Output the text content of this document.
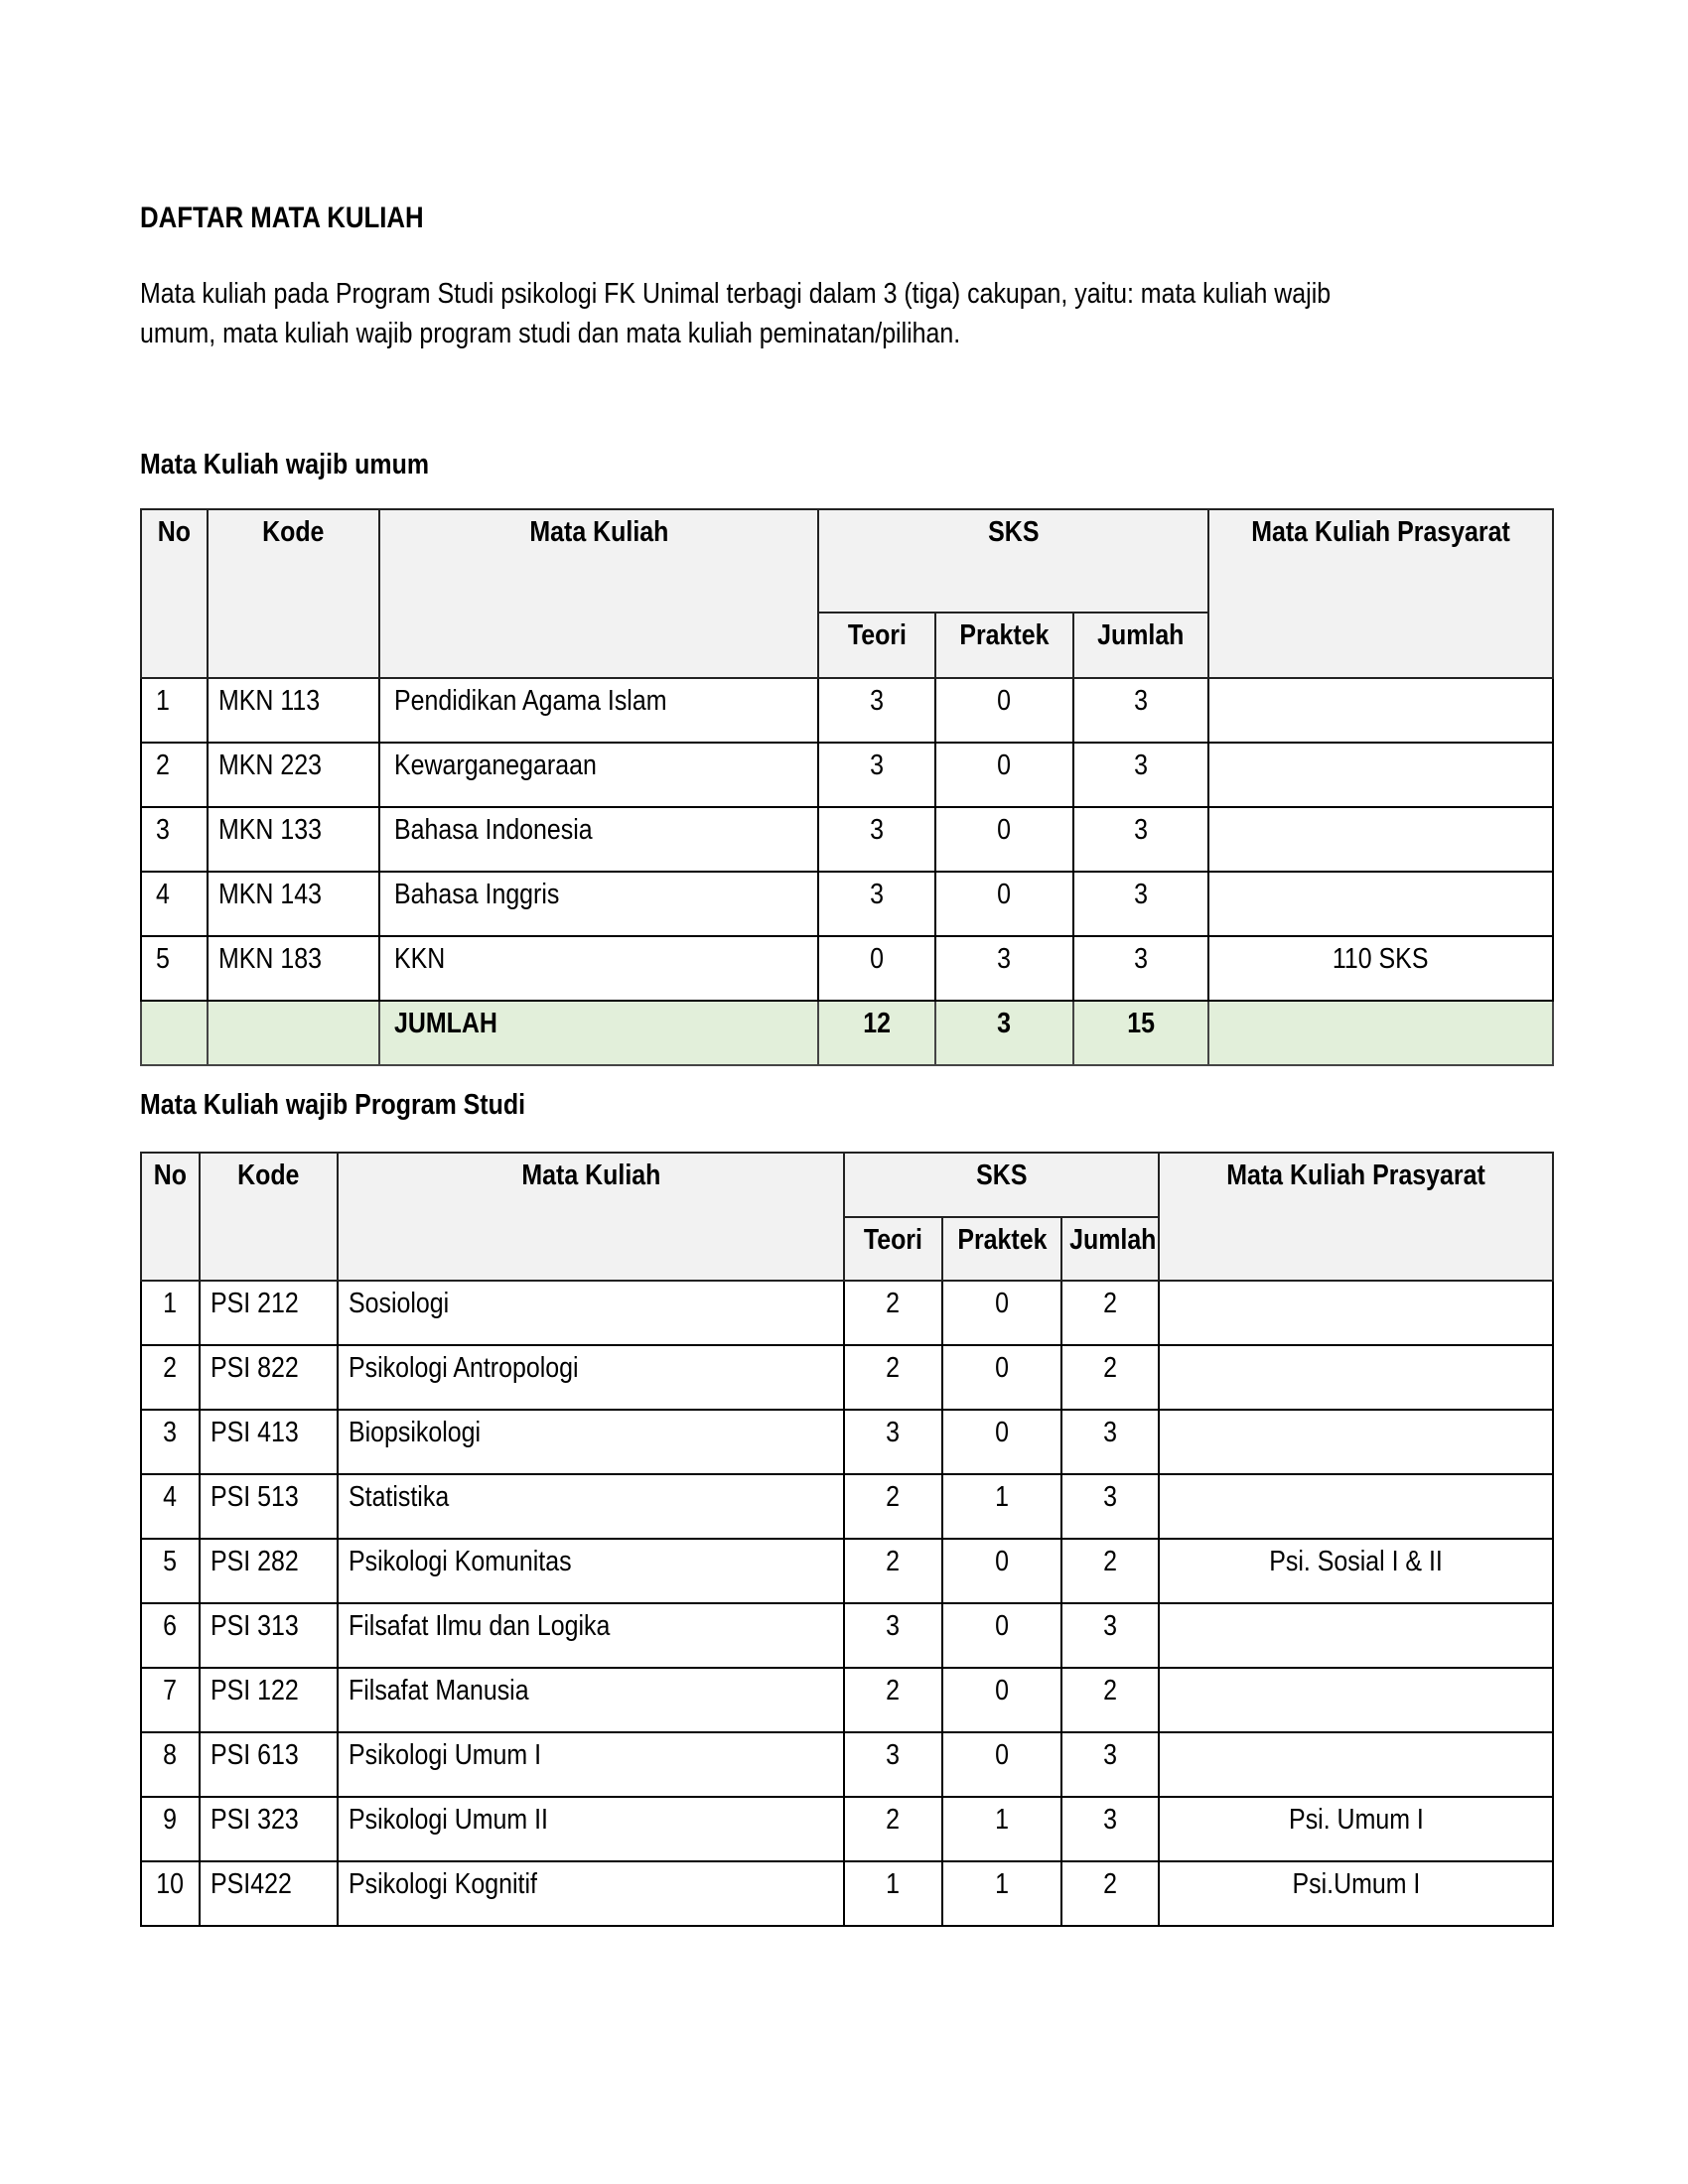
DAFTAR MATA KULIAH

Mata kuliah pada Program Studi psikologi FK Unimal terbagi dalam 3 (tiga) cakupan, yaitu: mata kuliah wajib

umum, mata kuliah wajib program studi dan mata kuliah peminatan/pilihan.

Mata Kuliah wajib umum
No	Kode	Mata Kuliah	SKS			Mata Kuliah Prasyarat
			Teori	Praktek	Jumlah	
1	MKN 113	Pendidikan Agama Islam	3	0	3	
2	MKN 223	Kewarganegaraan	3	0	3	
3	MKN 133	Bahasa Indonesia	3	0	3	
4	MKN 143	Bahasa Inggris	3	0	3	
5	MKN 183	KKN	0	3	3	110 SKS
		JUMLAH	12	3	15	
Mata Kuliah wajib Program Studi
No	Kode	Mata Kuliah	SKS			Mata Kuliah Prasyarat
			Teori	Praktek	Jumlah	
1	PSI 212	Sosiologi	2	0	2	
2	PSI 822	Psikologi Antropologi	2	0	2	
3	PSI 413	Biopsikologi	3	0	3	
4	PSI 513	Statistika	2	1	3	
5	PSI 282	Psikologi Komunitas	2	0	2	Psi. Sosial I & II
6	PSI 313	Filsafat Ilmu dan Logika	3	0	3	
7	PSI 122	Filsafat Manusia	2	0	2	
8	PSI 613	Psikologi Umum I	3	0	3	
9	PSI 323	Psikologi Umum II	2	1	3	Psi. Umum I
10	PSI422	Psikologi Kognitif	1	1	2	Psi.Umum I
